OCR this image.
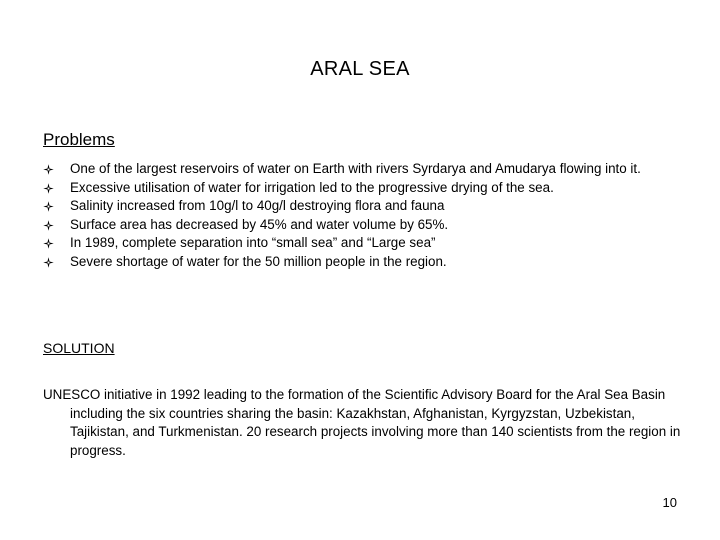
ARAL SEA
Problems
One of the largest reservoirs of water on Earth with rivers Syrdarya and Amudarya flowing into it.
Excessive utilisation of water for irrigation led to the progressive drying of the sea.
Salinity increased from 10g/l to 40g/l destroying flora and fauna
Surface area has decreased by 45% and water volume by 65%.
In 1989, complete separation into “small sea” and “Large sea”
Severe shortage of water for the 50 million people in the region.
SOLUTION
UNESCO initiative in 1992 leading to the formation of the Scientific Advisory Board for the Aral Sea Basin including the six countries sharing the basin: Kazakhstan, Afghanistan, Kyrgyzstan, Uzbekistan, Tajikistan, and Turkmenistan. 20 research projects involving more than 140 scientists from the region in progress.
10
